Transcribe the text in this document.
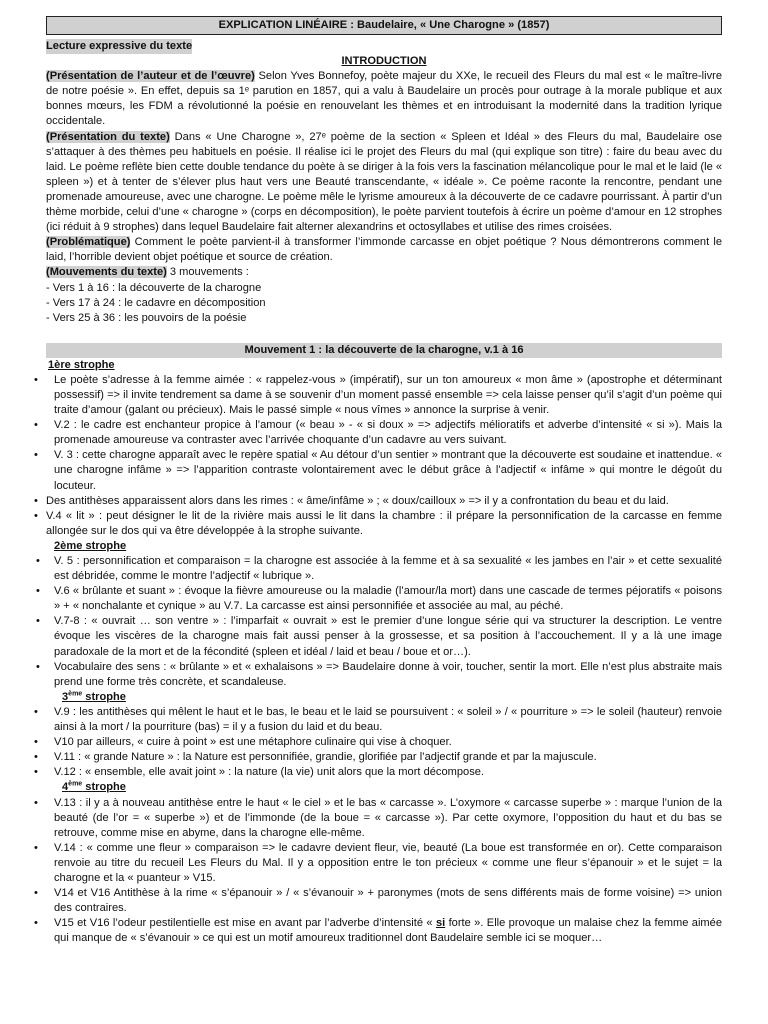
EXPLICATION LINÉAIRE : Baudelaire, « Une Charogne » (1857)
Lecture expressive du texte
INTRODUCTION

(Présentation de l’auteur et de l’œuvre) Selon Yves Bonnefoy, poète majeur du XXe, le recueil des Fleurs du mal est « le maître-livre de notre poésie ». En effet, depuis sa 1ᵉ parution en 1857, qui a valu à Baudelaire un procès pour outrage à la morale publique et aux bonnes mœurs, les FDM a révolutionné la poésie en renouvelant les thèmes et en introduisant la modernité dans la tradition lyrique occidentale.

(Présentation du texte) Dans « Une Charogne », 27ᵉ poème de la section « Spleen et Idéal » des Fleurs du mal, Baudelaire ose s’attaquer à des thèmes peu habituels en poésie. Il réalise ici le projet des Fleurs du mal (qui explique son titre) : faire du beau avec du laid. Le poème reflète bien cette double tendance du poète à se diriger à la fois vers la fascination mélancolique pour le mal et le laid (le « spleen ») et à tenter de s’élever plus haut vers une Beauté transcendante, « idéale ». Ce poème raconte la rencontre, pendant une promenade amoureuse, avec une charogne. Le poème mêle le lyrisme amoureux à la découverte de ce cadavre pourrissant. À partir d’un thème morbide, celui d’une « charogne » (corps en décomposition), le poète parvient toutefois à écrire un poème d’amour en 12 strophes (ici réduit à 9 strophes) dans lequel Baudelaire fait alterner alexandrins et octosyllabes et utilise des rimes croisées.

(Problématique) Comment le poète parvient-il à transformer l’immonde carcasse en objet poétique ? Nous démontrerons comment le laid, l’horrible devient objet poétique et source de création.

(Mouvements du texte) 3 mouvements :

- Vers 1 à 16 : la découverte de la charogne

- Vers 17 à 24 : le cadavre en décomposition

- Vers 25 à 36 : les pouvoirs de la poésie

Mouvement 1 : la découverte de la charogne, v.1 à 16
1ère strophe
• Le poète s’adresse à la femme aimée : « rappelez-vous » (impératif), sur un ton amoureux « mon âme » (apostrophe et déterminant possessif) => il invite tendrement sa dame à se souvenir d’un moment passé ensemble => cela laisse penser qu’il s’agit d’un poème qui traite d’amour (galant ou précieux). Mais le passé simple « nous vîmes » annonce la surprise à venir.
• V.2 : le cadre est enchanteur propice à l’amour (« beau » - « si doux » => adjectifs mélioratifs et adverbe d’intensité « si »). Mais la promenade amoureuse va contraster avec l’arrivée choquante d’un cadavre au vers suivant.
• V. 3 : cette charogne apparaît avec le repère spatial « Au détour d’un sentier » montrant que la découverte est soudaine et inattendue. « une charogne infâme » => l’apparition contraste volontairement avec le début grâce à l’adjectif « infâme » qui montre le dégoût du locuteur.
• Des antithèses apparaissent alors dans les rimes : « âme/infâme » ; « doux/cailloux » => il y a confrontation du beau et du laid.
• V.4 « lit » : peut désigner le lit de la rivière mais aussi le lit dans la chambre : il prépare la personnification de la carcasse en femme allongée sur le dos qui va être développée à la strophe suivante.
2ème strophe
• V. 5 : personnification et comparaison = la charogne est associée à la femme et à sa sexualité « les jambes en l’air » et cette sexualité est débridée, comme le montre l’adjectif « lubrique ».
• V.6 « brûlante et suant » : évoque la fièvre amoureuse ou la maladie (l’amour/la mort) dans une cascade de termes péjoratifs « poisons » + « nonchalante et cynique » au V.7. La carcasse est ainsi personnifiée et associée au mal, au péché.
• V.7-8 : « ouvrait … son ventre » : l’imparfait « ouvrait » est le premier d’une longue série qui va structurer la description. Le ventre évoque les viscères de la charogne mais fait aussi penser à la grossesse, et sa position à l’accouchement. Il y a là une image paradoxale de la mort et de la fécondité (spleen et idéal / laid et beau / boue et or…).
• Vocabulaire des sens : « brûlante » et « exhalaisons » => Baudelaire donne à voir, toucher, sentir la mort. Elle n’est plus abstraite mais prend une forme très concrète, et scandaleuse.
3ème strophe
• V.9 : les antithèses qui mêlent le haut et le bas, le beau et le laid se poursuivent : « soleil » / « pourriture » => le soleil (hauteur) renvoie ainsi à la mort / la pourriture (bas) = il y a fusion du laid et du beau.
• V10 par ailleurs, « cuire à point » est une métaphore culinaire qui vise à choquer.
• V.11 : « grande Nature » : la Nature est personnifiée, grandie, glorifiée par l’adjectif grande et par la majuscule.
• V.12 : « ensemble, elle avait joint » : la nature (la vie) unit alors que la mort décompose.
4ème strophe
• V.13 : il y a à nouveau antithèse entre le haut « le ciel » et le bas « carcasse ». L’oxymore « carcasse superbe » : marque l’union de la beauté (de l’or = « superbe ») et de l’immonde (de la boue = « carcasse »). Par cette oxymore, l’opposition du haut et du bas se retrouve, comme mise en abyme, dans la charogne elle-même.
• V.14 : « comme une fleur » comparaison => le cadavre devient fleur, vie, beauté (La boue est transformée en or). Cette comparaison renvoie au titre du recueil Les Fleurs du Mal. Il y a opposition entre le ton précieux « comme une fleur s’épanouir » et le sujet = la charogne et la « puanteur » V15.
• V14 et V16 Antithèse à la rime « s’épanouir » / « s’évanouir » + paronymes (mots de sens différents mais de forme voisine) => union des contraires.
• V15 et V16 l’odeur pestilentielle est mise en avant par l’adverbe d’intensité « si forte ». Elle provoque un malaise chez la femme aimée qui manque de « s’évanouir » ce qui est un motif amoureux traditionnel dont Baudelaire semble ici se moquer…
